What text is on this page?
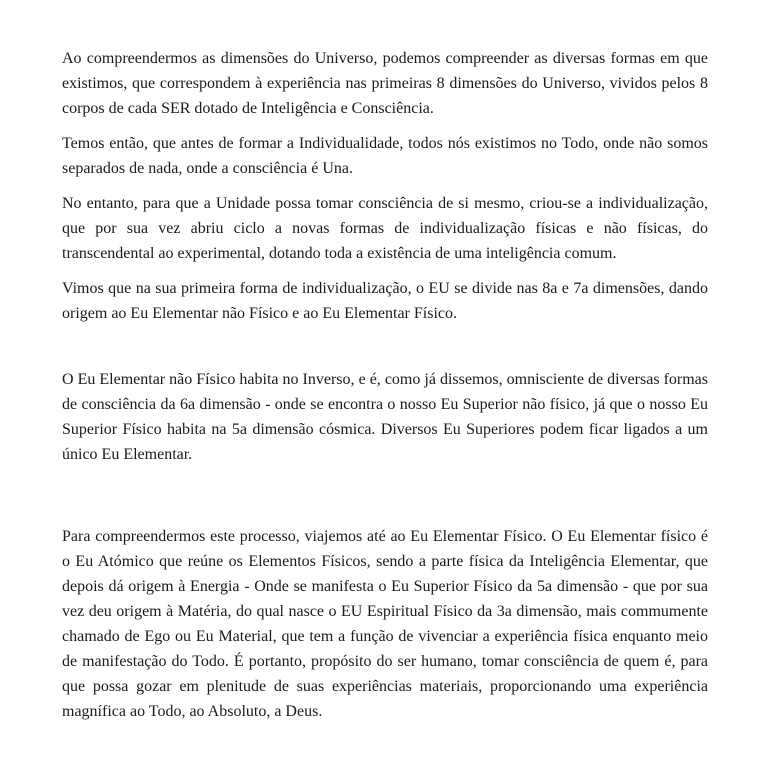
Ao compreendermos as dimensões do Universo, podemos compreender as diversas formas em que existimos, que correspondem à experiência nas primeiras 8 dimensões do Universo, vividos pelos 8 corpos de cada SER dotado de Inteligência e Consciência.

Temos então, que antes de formar a Individualidade, todos nós existimos no Todo, onde não somos separados de nada, onde a consciência é Una.

No entanto, para que a Unidade possa tomar consciência de si mesmo, criou-se a individualização, que por sua vez abriu ciclo a novas formas de individualização físicas e não físicas, do transcendental ao experimental, dotando toda a existência de uma inteligência comum.

Vimos que na sua primeira forma de individualização, o EU se divide nas 8a e 7a dimensões, dando origem ao Eu Elementar não Físico e ao Eu Elementar Físico.

O Eu Elementar não Físico habita no Inverso, e é, como já dissemos, omnisciente de diversas formas de consciência da 6a dimensão - onde se encontra o nosso Eu Superior não físico, já que o nosso Eu Superior Físico habita na 5a dimensão cósmica. Diversos Eu Superiores podem ficar ligados a um único Eu Elementar.

Para compreendermos este processo, viajemos até ao Eu Elementar Físico. O Eu Elementar físico é o Eu Atómico que reúne os Elementos Físicos, sendo a parte física da Inteligência Elementar, que depois dá origem à Energia - Onde se manifesta o Eu Superior Físico da 5a dimensão - que por sua vez deu origem à Matéria, do qual nasce o EU Espiritual Físico da 3a dimensão, mais commumente chamado de Ego ou Eu Material, que tem a função de vivenciar a experiência física enquanto meio de manifestação do Todo. É portanto, propósito do ser humano, tomar consciência de quem é, para que possa gozar em plenitude de suas experiências materiais, proporcionando uma experiência magnífica ao Todo, ao Absoluto, a Deus.
